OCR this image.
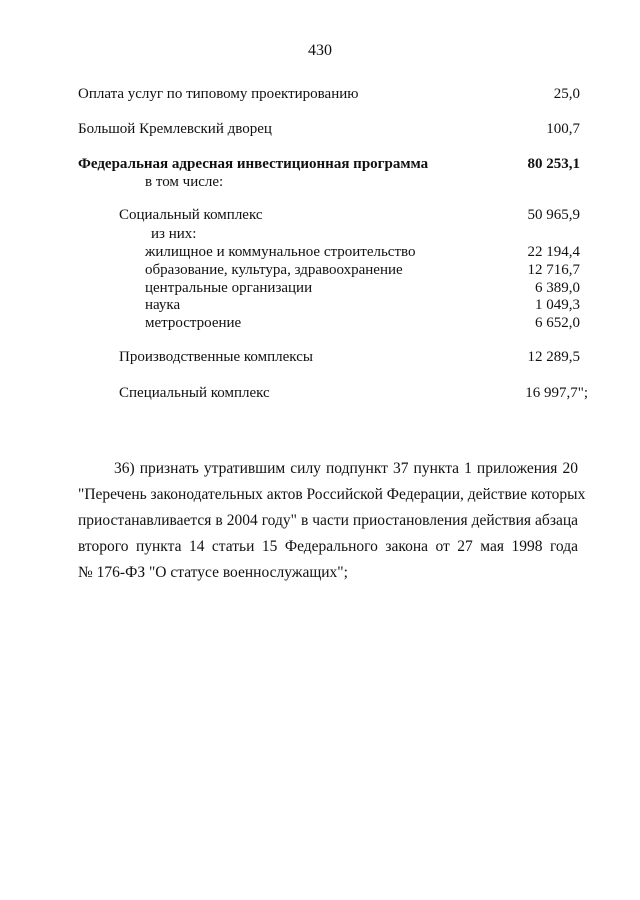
430
Оплата услуг по типовому проектированию	25,0
Большой Кремлевский дворец	100,7
Федеральная адресная инвестиционная программа	80 253,1
в том числе:
Социальный комплекс	50 965,9
из них:
жилищное и коммунальное строительство	22 194,4
образование, культура, здравоохранение	12 716,7
центральные организации	6 389,0
наука	1 049,3
метростроение	6 652,0
Производственные комплексы	12 289,5
Специальный комплекс	16 997,7";
36) признать утратившим силу подпункт 37 пункта 1 приложения 20
"Перечень законодательных актов Российской Федерации, действие которых
приостанавливается в 2004 году" в части приостановления действия абзаца
второго пункта 14 статьи 15 Федерального закона от 27 мая 1998 года
№ 176-ФЗ "О статусе военнослужащих";
